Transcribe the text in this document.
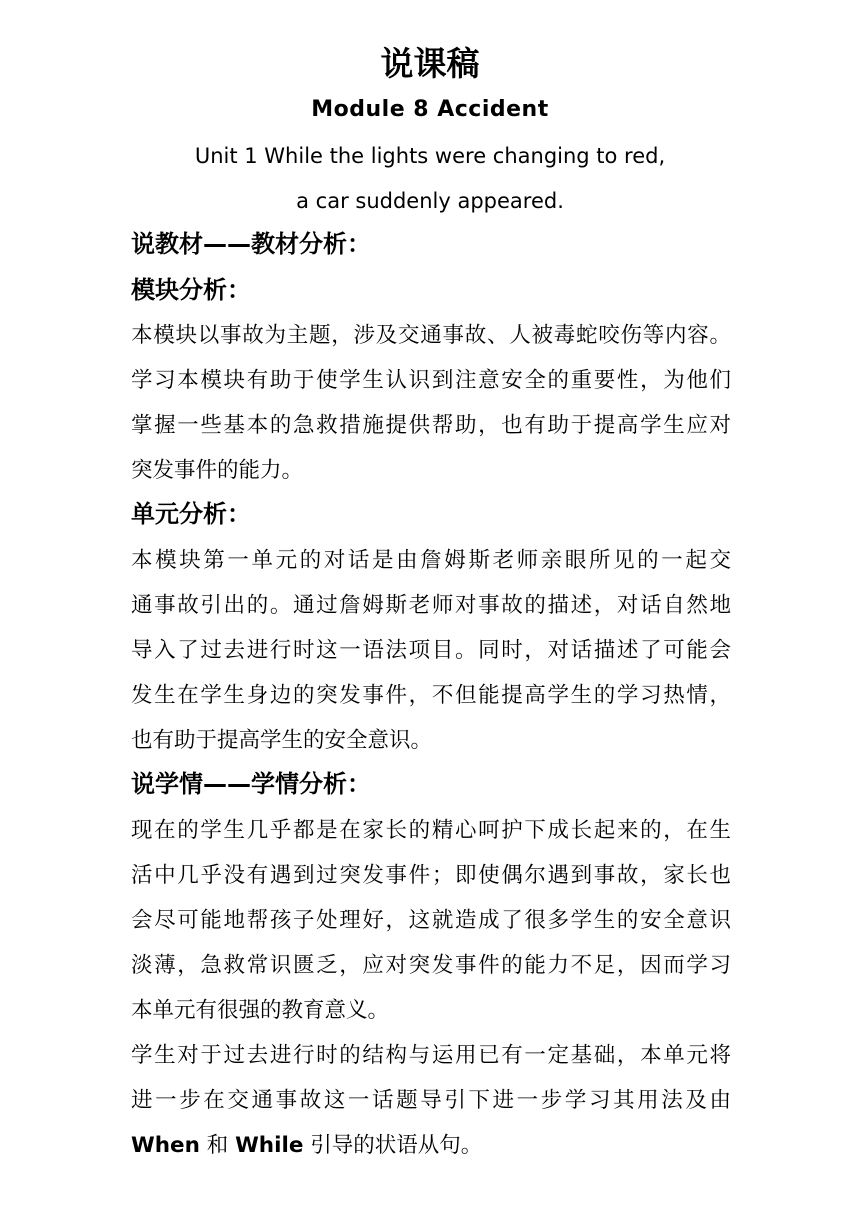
说课稿
Module 8 Accident
Unit 1 While the lights were changing to red,
a car suddenly appeared.
说教材——教材分析：
模块分析：
本模块以事故为主题，涉及交通事故、人被毒蛇咬伤等内容。
学习本模块有助于使学生认识到注意安全的重要性，为他们
掌握一些基本的急救措施提供帮助，也有助于提高学生应对
突发事件的能力。
单元分析：
本模块第一单元的对话是由詹姆斯老师亲眼所见的一起交
通事故引出的。通过詹姆斯老师对事故的描述，对话自然地
导入了过去进行时这一语法项目。同时，对话描述了可能会
发生在学生身边的突发事件，不但能提高学生的学习热情，
也有助于提高学生的安全意识。
说学情——学情分析：
现在的学生几乎都是在家长的精心呵护下成长起来的，在生
活中几乎没有遇到过突发事件；即使偶尔遇到事故，家长也
会尽可能地帮孩子处理好，这就造成了很多学生的安全意识
淡薄，急救常识匮乏，应对突发事件的能力不足，因而学习
本单元有很强的教育意义。
学生对于过去进行时的结构与运用已有一定基础，本单元将
进一步在交通事故这一话题导引下进一步学习其用法及由
When 和 While 引导的状语从句。
